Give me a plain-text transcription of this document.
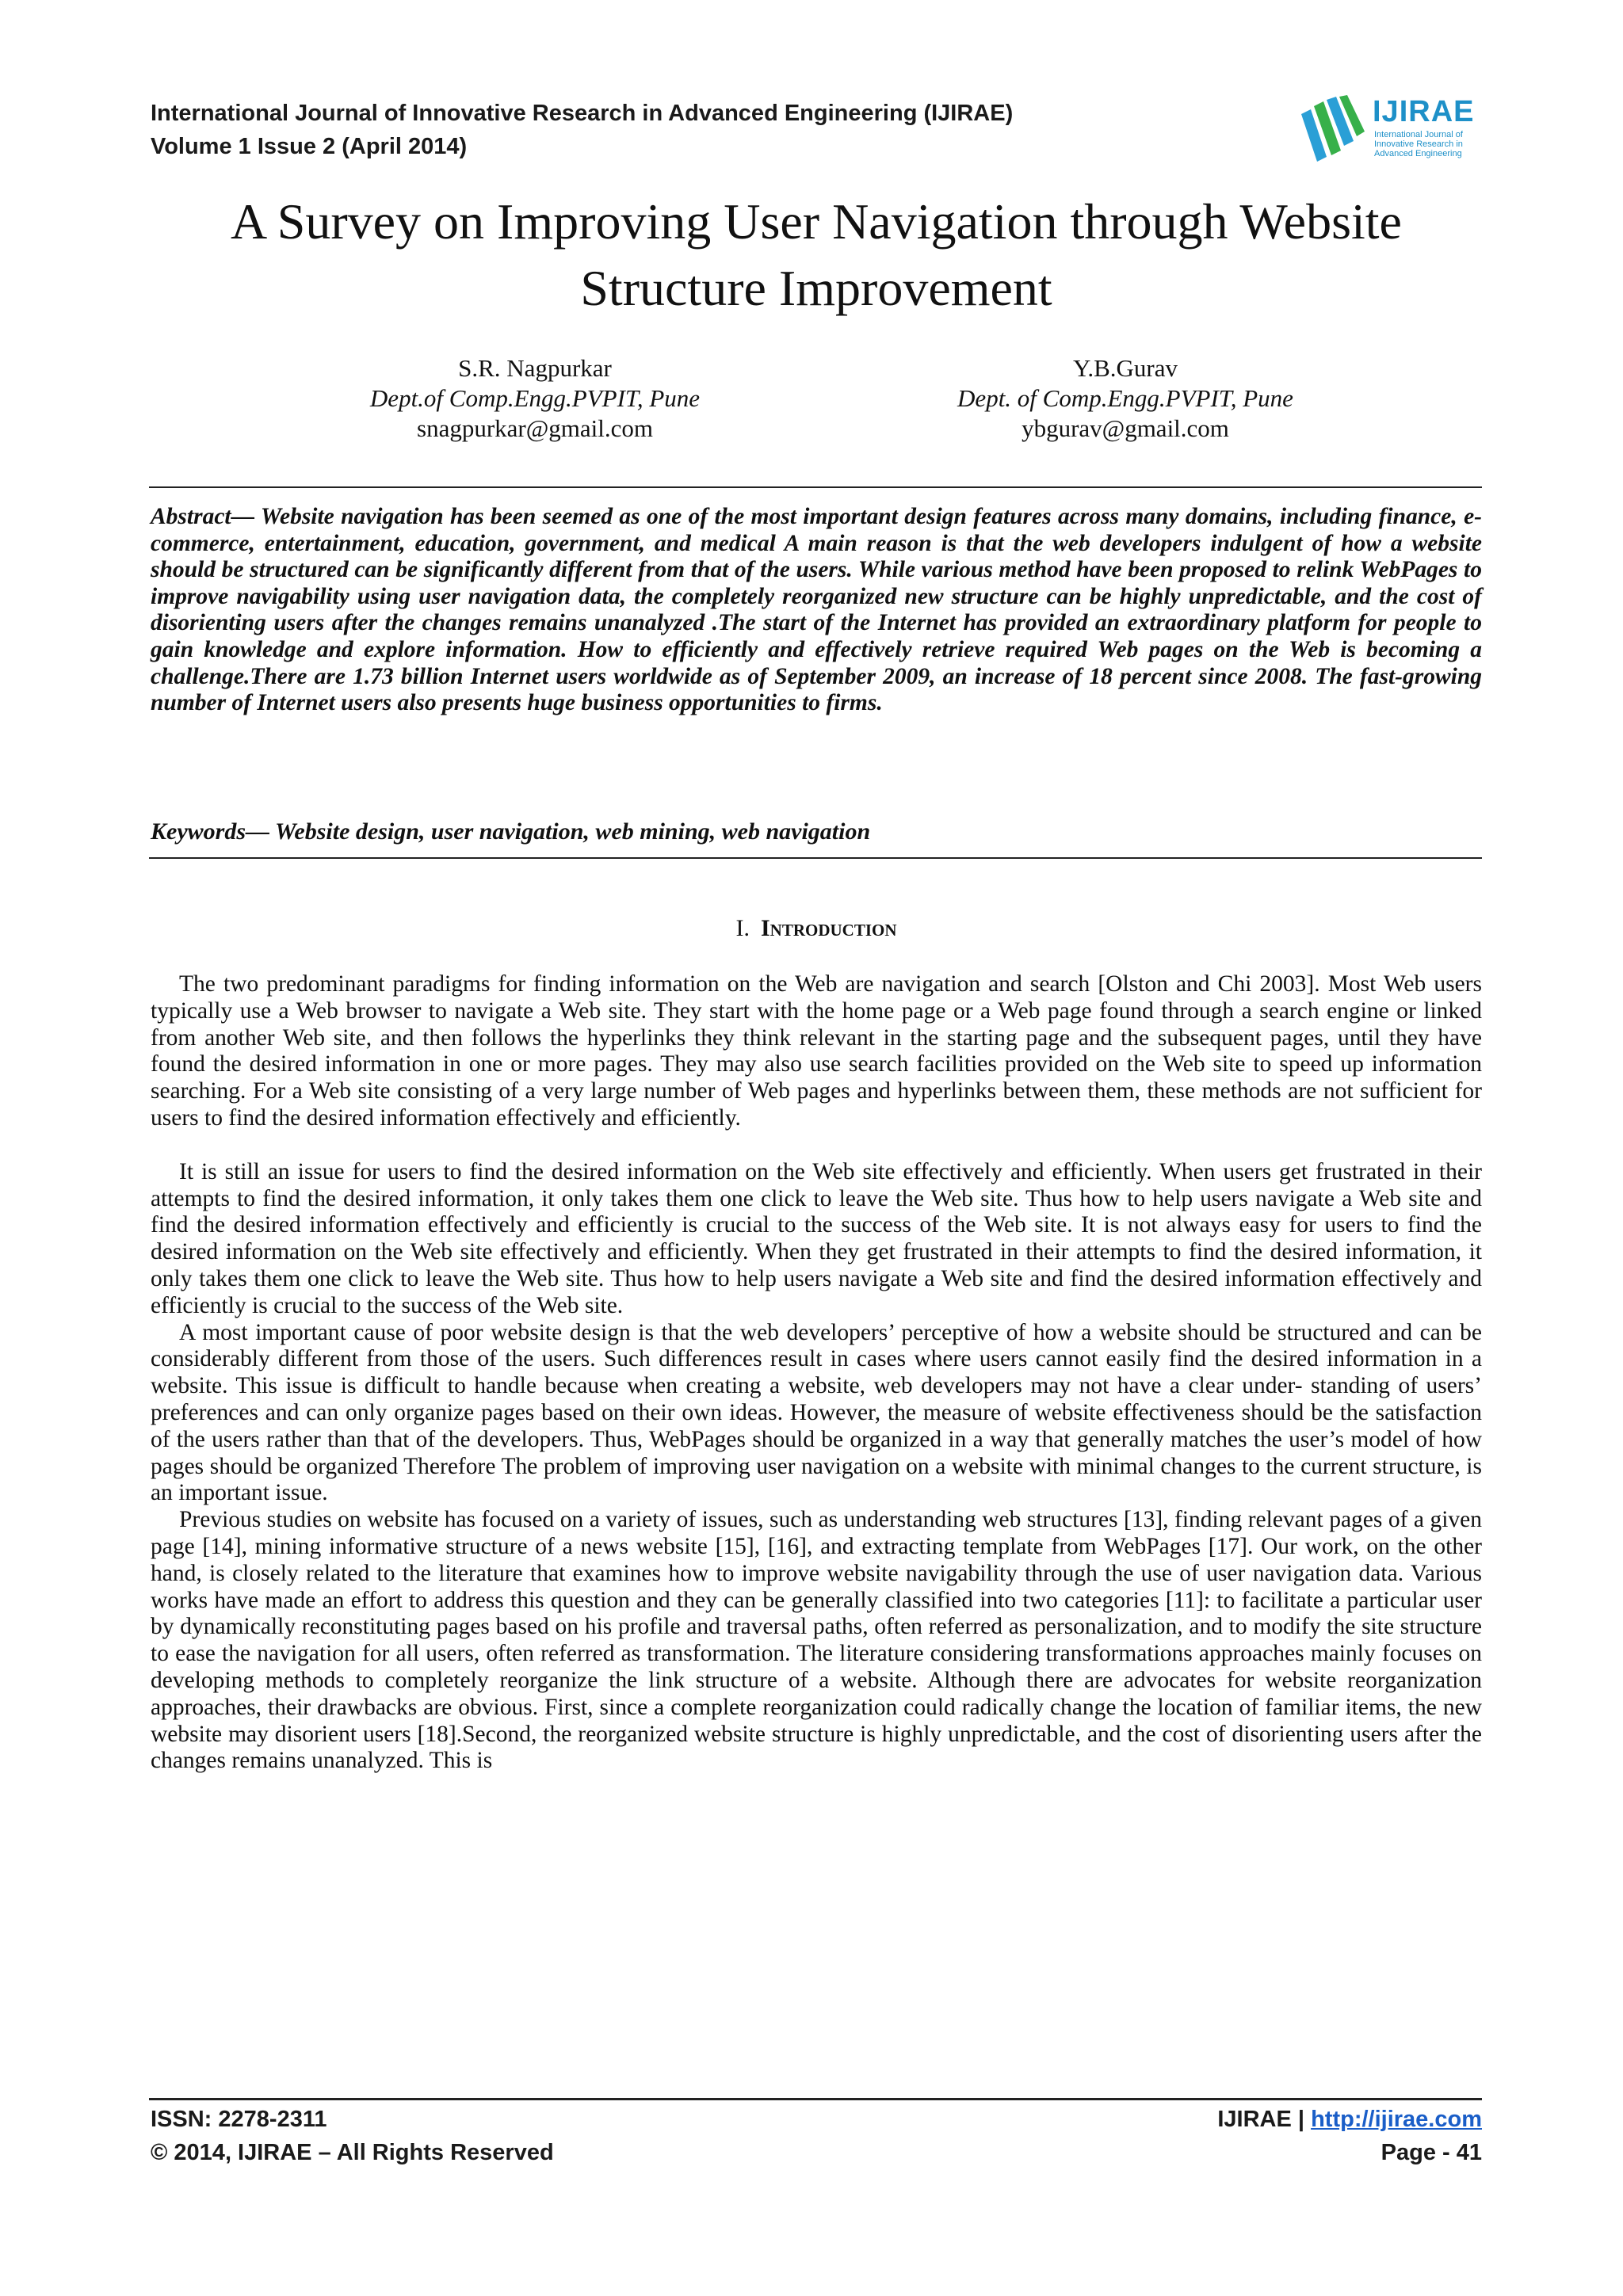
International Journal of Innovative Research in Advanced Engineering (IJIRAE)
Volume 1 Issue 2 (April 2014)
IJIRAE
International Journal of Innovative Research in Advanced Engineering
A Survey on Improving User Navigation through Website
Structure Improvement
S.R. Nagpurkar
Dept.of Comp.Engg.PVPIT, Pune
snagpurkar@gmail.com
Y.B.Gurav
Dept. of Comp.Engg.PVPIT, Pune
ybgurav@gmail.com
Abstract— Website navigation has been seemed as one of the most important design features across many domains, including finance, e-commerce, entertainment, education, government, and medical A main reason is that the web developers indulgent of how a website should be structured can be significantly different from that of the users. While various method have been proposed to relink WebPages to improve navigability using user navigation data, the completely reorganized new structure can be highly unpredictable, and the cost of disorienting users after the changes remains unanalyzed .The start of the Internet has provided an extraordinary platform for people to gain knowledge and explore information. How to efficiently and effectively retrieve required Web pages on the Web is becoming a challenge.There are 1.73 billion Internet users worldwide as of September 2009, an increase of 18 percent since 2008. The fast-growing number of Internet users also presents huge business opportunities to firms.
Keywords— Website design, user navigation, web mining, web navigation
I. Introduction

The two predominant paradigms for finding information on the Web are navigation and search [Olston and Chi 2003]. Most Web users typically use a Web browser to navigate a Web site. They start with the home page or a Web page found through a search engine or linked from another Web site, and then follows the hyperlinks they think relevant in the starting page and the subsequent pages, until they have found the desired information in one or more pages. They may also use search facilities provided on the Web site to speed up information searching. For a Web site consisting of a very large number of Web pages and hyperlinks between them, these methods are not sufficient for users to find the desired information effectively and efficiently.

It is still an issue for users to find the desired information on the Web site effectively and efficiently. When users get frustrated in their attempts to find the desired information, it only takes them one click to leave the Web site. Thus how to help users navigate a Web site and find the desired information effectively and efficiently is crucial to the success of the Web site. It is not always easy for users to find the desired information on the Web site effectively and efficiently. When they get frustrated in their attempts to find the desired information, it only takes them one click to leave the Web site. Thus how to help users navigate a Web site and find the desired information effectively and efficiently is crucial to the success of the Web site.

A most important cause of poor website design is that the web developers’ perceptive of how a website should be structured and can be considerably different from those of the users. Such differences result in cases where users cannot easily find the desired information in a website. This issue is difficult to handle because when creating a website, web developers may not have a clear under- standing of users’ preferences and can only organize pages based on their own ideas. However, the measure of website effectiveness should be the satisfaction of the users rather than that of the developers. Thus, WebPages should be organized in a way that generally matches the user’s model of how pages should be organized Therefore The problem of improving user navigation on a website with minimal changes to the current structure, is an important issue.

Previous studies on website has focused on a variety of issues, such as understanding web structures [13], finding relevant pages of a given page [14], mining informative structure of a news website [15], [16], and extracting template from WebPages [17]. Our work, on the other hand, is closely related to the literature that examines how to improve website navigability through the use of user navigation data. Various works have made an effort to address this question and they can be generally classified into two categories [11]: to facilitate a particular user by dynamically reconstituting pages based on his profile and traversal paths, often referred as personalization, and to modify the site structure to ease the navigation for all users, often referred as transformation. The literature considering transformations approaches mainly focuses on developing methods to completely reorganize the link structure of a website. Although there are advocates for website reorganization approaches, their drawbacks are obvious. First, since a complete reorganization could radically change the location of familiar items, the new website may disorient users [18].Second, the reorganized website structure is highly unpredictable, and the cost of disorienting users after the changes remains unanalyzed. This is

ISSN: 2278-2311
© 2014, IJIRAE – All Rights Reserved
IJIRAE | http://ijirae.com
Page - 41
